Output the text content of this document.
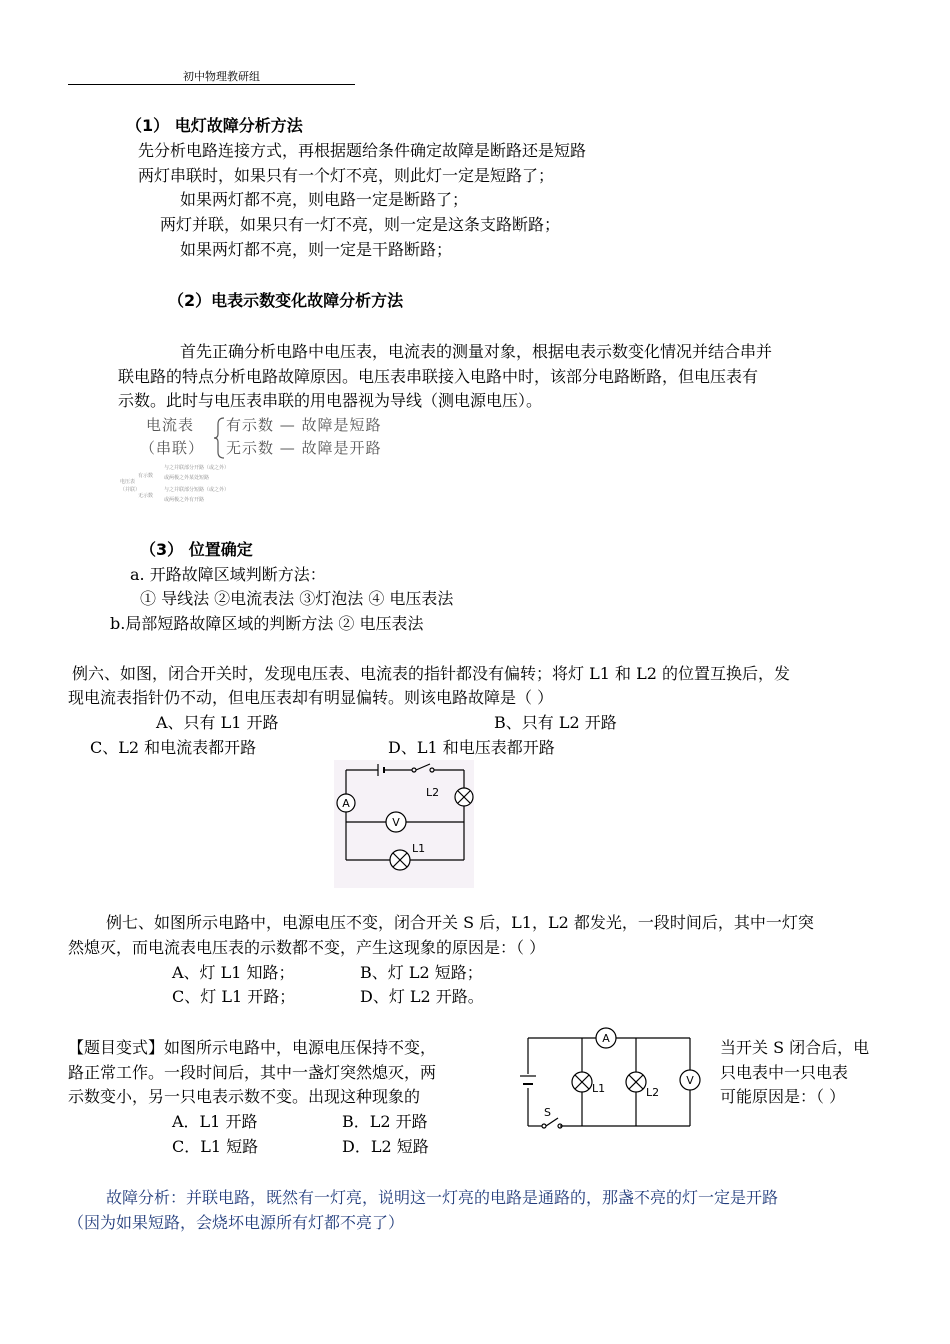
初中物理教研组
（1） 电灯故障分析方法
先分析电路连接方式，再根据题给条件确定故障是断路还是短路
两灯串联时，如果只有一个灯不亮，则此灯一定是短路了；
如果两灯都不亮，则电路一定是断路了；
两灯并联，如果只有一灯不亮，则一定是这条支路断路；
如果两灯都不亮，则一定是干路断路；
（2）电表示数变化故障分析方法
首先正确分析电路中电压表，电流表的测量对象，根据电表示数变化情况并结合串并
联电路的特点分析电路故障原因。电压表串联接入电路中时，该部分电路断路，但电压表有
示数。此时与电压表串联的用电器视为导线（测电源电压）。
电流表
（串联）
有示数 — 故障是短路
无示数 — 故障是开路
电压表
（并联）
有示数
无示数
与之并联部分开路（或之外）
或两极之外某处短路
与之并联部分短路（或之外）
或两极之外有开路
（3） 位置确定
a. 开路故障区域判断方法：
① 导线法 ②电流表法 ③灯泡法 ④ 电压表法
b.局部短路故障区域的判断方法 ② 电压表法
例六、如图，闭合开关时，发现电压表、电流表的指针都没有偏转；将灯 L1 和 L2 的位置互换后，发
现电流表指针仍不动，但电压表却有明显偏转。则该电路故障是（ ）
A、只有 L1 开路	B、只有 L2 开路
C、L2 和电流表都开路	D、L1 和电压表都开路
A
L2
V
L1
例七、如图所示电路中，电源电压不变，闭合开关 S 后，L1，L2 都发光，一段时间后，其中一灯突
然熄灭，而电流表电压表的示数都不变，产生这现象的原因是：（ ）
A、灯 L1 知路；	B、灯 L2 短路；
C、灯 L1 开路；	D、灯 L2 开路。
【题目变式】如图所示电路中，电源电压保持不变，	当开关 S 闭合后，电
路正常工作。一段时间后，其中一盏灯突然熄灭，两	只电表中一只电表
示数变小，另一只电表示数不变。出现这种现象的	可能原因是：（ ）
A．L1 开路	B．L2 开路
C．L1 短路	D．L2 短路
A
L1	L2
V
S
故障分析：并联电路，既然有一灯亮，说明这一灯亮的电路是通路的，那盏不亮的灯一定是开路
（因为如果短路，会烧坏电源所有灯都不亮了）
